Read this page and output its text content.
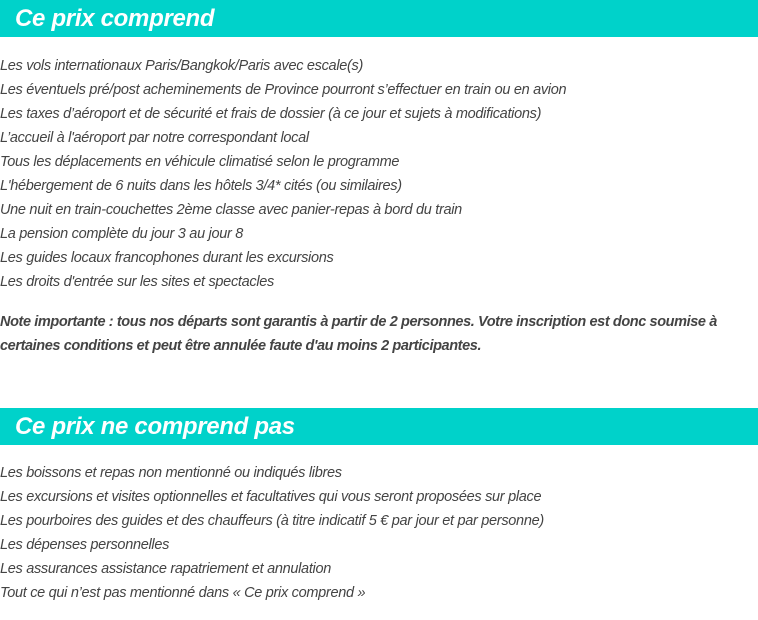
Ce prix comprend
Les vols internationaux Paris/Bangkok/Paris avec escale(s)
Les éventuels pré/post acheminements de Province pourront s’effectuer en train ou en avion
Les taxes d’aéroport et de sécurité et frais de dossier (à ce jour et sujets à modifications)
L’accueil à l'aéroport par notre correspondant local
Tous les déplacements en véhicule climatisé selon le programme
L'hébergement de 6 nuits dans les hôtels 3/4* cités (ou similaires)
Une nuit en train-couchettes 2ème classe avec panier-repas à bord du train
La pension complète du jour 3 au jour 8
Les guides locaux francophones durant les excursions
Les droits d'entrée sur les sites et spectacles

Note importante : tous nos départs sont garantis à partir de 2 personnes. Votre inscription est donc soumise à certaines conditions et peut être annulée faute d'au moins 2 participantes.

Ce prix ne comprend pas
Les boissons et repas non mentionné ou indiqués libres
Les excursions et visites optionnelles et facultatives qui vous seront proposées sur place
Les pourboires des guides et des chauffeurs (à titre indicatif 5 € par jour et par personne)
Les dépenses personnelles
Les assurances assistance rapatriement et annulation
Tout ce qui n’est pas mentionné dans « Ce prix comprend »
